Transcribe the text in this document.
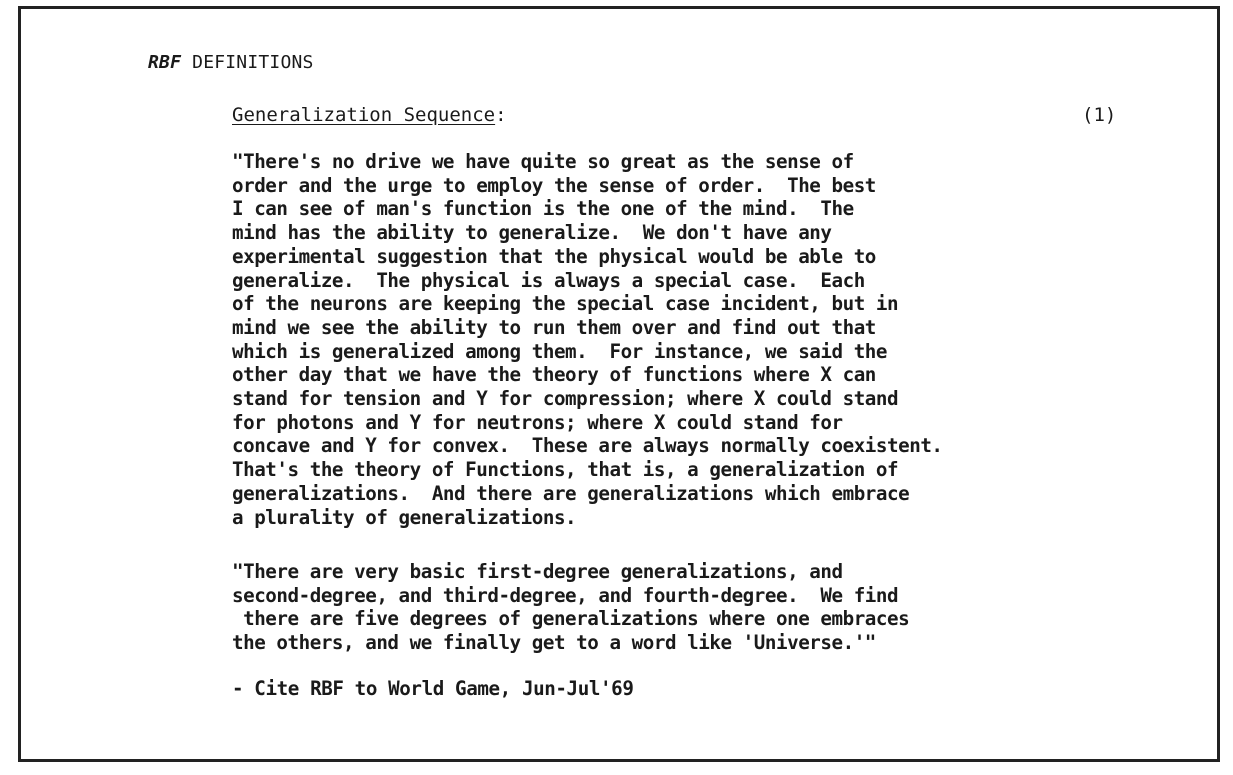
RBF DEFINITIONS
Generalization Sequence:	(1)
"There's no drive we have quite so great as the sense of
order and the urge to employ the sense of order.  The best
I can see of man's function is the one of the mind.  The
mind has the ability to generalize.  We don't have any
experimental suggestion that the physical would be able to
generalize.  The physical is always a special case.  Each
of the neurons are keeping the special case incident, but in
mind we see the ability to run them over and find out that
which is generalized among them.  For instance, we said the
other day that we have the theory of functions where X can
stand for tension and Y for compression; where X could stand
for photons and Y for neutrons; where X could stand for
concave and Y for convex.  These are always normally coexistent.
That's the theory of Functions, that is, a generalization of
generalizations.  And there are generalizations which embrace
a plurality of generalizations.
"There are very basic first-degree generalizations, and
second-degree, and third-degree, and fourth-degree.  We find
there are five degrees of generalizations where one embraces
the others, and we finally get to a word like 'Universe.'"
- Cite RBF to World Game, Jun-Jul'69
